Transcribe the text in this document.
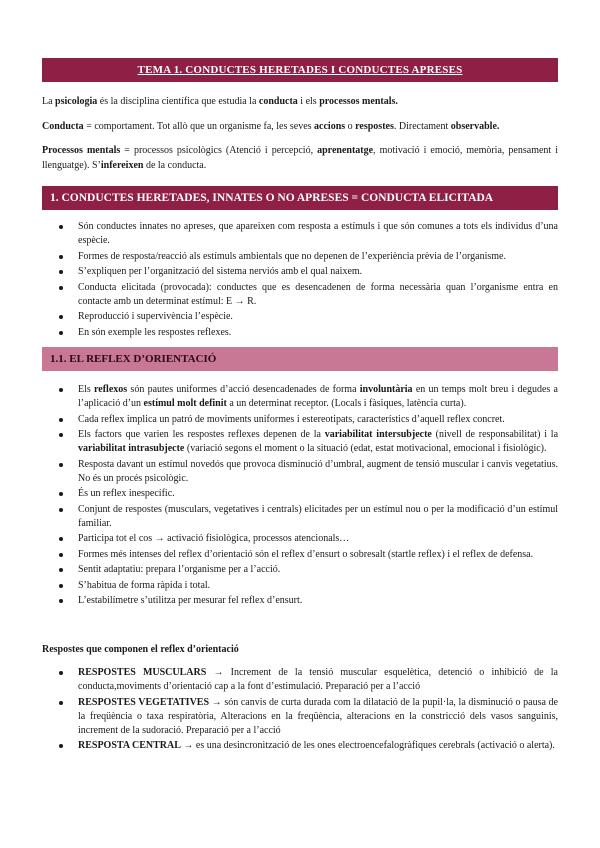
TEMA 1. CONDUCTES HERETADES I CONDUCTES APRESES

La psicologia és la disciplina científica que estudia la conducta i els processos mentals.

Conducta = comportament. Tot allò que un organisme fa, les seves accions o respostes. Directament observable.

Processos mentals = processos psicològics (Atenció i percepció, aprenentatge, motivació i emoció, memòria, pensament i llenguatge). S’infereixen de la conducta.

1. CONDUCTES HERETADES, INNATES O NO APRESES = CONDUCTA ELICITADA
Són conductes innates no apreses, que apareixen com resposta a estímuls i que són comunes a tots els individus d’una espècie.
Formes de resposta/reacció als estímuls ambientals que no depenen de l’experiència prèvia de l’organisme.
S’expliquen per l’organització del sistema nerviós amb el qual naixem.
Conducta elicitada (provocada): conductes que es desencadenen de forma necessària quan l’organisme entra en contacte amb un determinat estímul: E → R.
Reproducció i supervivència l’espècie.
En són exemple les respostes reflexes.
1.1. EL REFLEX D’ORIENTACIÓ
Els reflexos són pautes uniformes d’acció desencadenades de forma involuntària en un temps molt breu i degudes a l’aplicació d’un estímul molt definit a un determinat receptor. (Locals i fàsiques, latència curta).
Cada reflex implica un patró de moviments uniformes i estereotipats, característics d’aquell reflex concret.
Els factors que varien les respostes reflexes depenen de la variabilitat intersubjecte (nivell de responsabilitat) i la variabilitat intrasubjecte (variació segons el moment o la situació (edat, estat motivacional, emocional i fisiològic).
Resposta davant un estímul novedós que provoca disminució d’umbral, augment de tensió muscular i canvis vegetatius. No és un procés psicològic.
És un reflex inespecífic.
Conjunt de respostes (musculars, vegetatives i centrals) elicitades per un estímul nou o per la modificació d’un estímul familiar.
Participa tot el cos → activació fisiològica, processos atencionals…
Formes més intenses del reflex d’orientació són el reflex d’ensurt o sobresalt (startle reflex) i el reflex de defensa.
Sentit adaptatiu: prepara l’organisme per a l’acció.
S’habitua de forma ràpida i total.
L’estabilímetre s’utilitza per mesurar fel reflex d’ensurt.
Respostes que componen el reflex d’orientació
RESPOSTES MUSCULARS → Increment de la tensió muscular esquelètica, detenció o inhibició de la conducta,moviments d’orientació cap a la font d’estimulació. Preparació per a l’acció
RESPOSTES VEGETATIVES → són canvis de curta durada com la dilatació de la pupil·la, la disminució o pausa de la freqüència o taxa respiratòria, Alteracions en la freqüència, alteracions en la constricció dels vasos sanguinis, increment de la sudoració. Preparació per a l’acció
RESPOSTA CENTRAL → es una desincronització de les ones electroencefalogràfiques cerebrals (activació o alerta).
